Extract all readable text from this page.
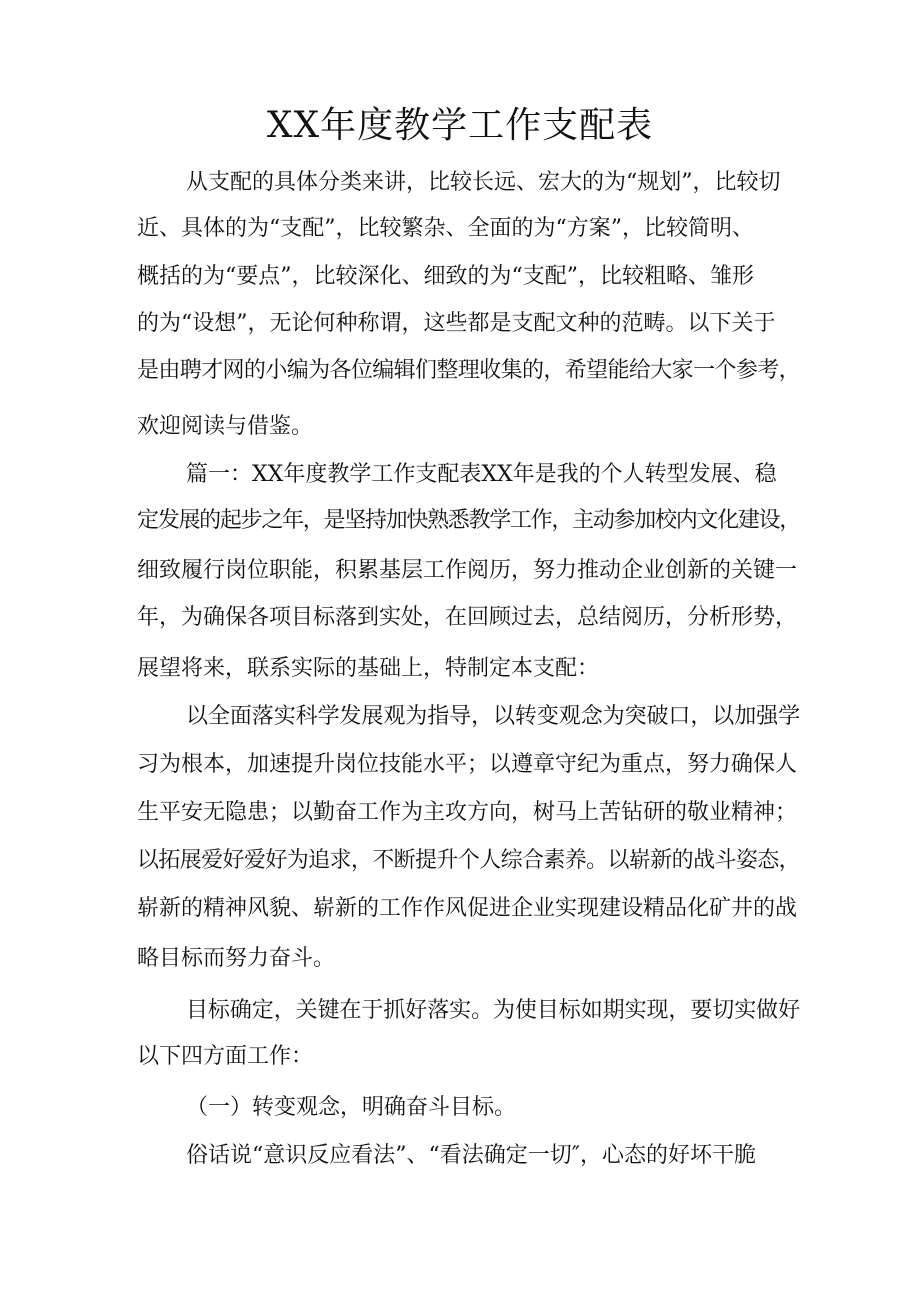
XX年度教学工作支配表

从支配的具体分类来讲，比较长远、宏大的为“规划”，比较切

近、具体的为“支配”，比较繁杂、全面的为“方案”，比较简明、

概括的为“要点”，比较深化、细致的为“支配”，比较粗略、雏形

的为“设想”，无论何种称谓，这些都是支配文种的范畴。以下关于

是由聘才网的小编为各位编辑们整理收集的，希望能给大家一个参考，

欢迎阅读与借鉴。

篇一：XX年度教学工作支配表XX年是我的个人转型发展、稳

定发展的起步之年，是坚持加快熟悉教学工作，主动参加校内文化建设，

细致履行岗位职能，积累基层工作阅历，努力推动企业创新的关键一

年，为确保各项目标落到实处，在回顾过去，总结阅历，分析形势，

展望将来，联系实际的基础上，特制定本支配：

以全面落实科学发展观为指导，以转变观念为突破口，以加强学

习为根本，加速提升岗位技能水平；以遵章守纪为重点，努力确保人

生平安无隐患；以勤奋工作为主攻方向，树马上苦钻研的敬业精神；

以拓展爱好爱好为追求，不断提升个人综合素养。以崭新的战斗姿态，

崭新的精神风貌、崭新的工作作风促进企业实现建设精品化矿井的战

略目标而努力奋斗。

目标确定，关键在于抓好落实。为使目标如期实现，要切实做好

以下四方面工作：

（一）转变观念，明确奋斗目标。

俗话说“意识反应看法”、“看法确定一切″，心态的好坏干脆
